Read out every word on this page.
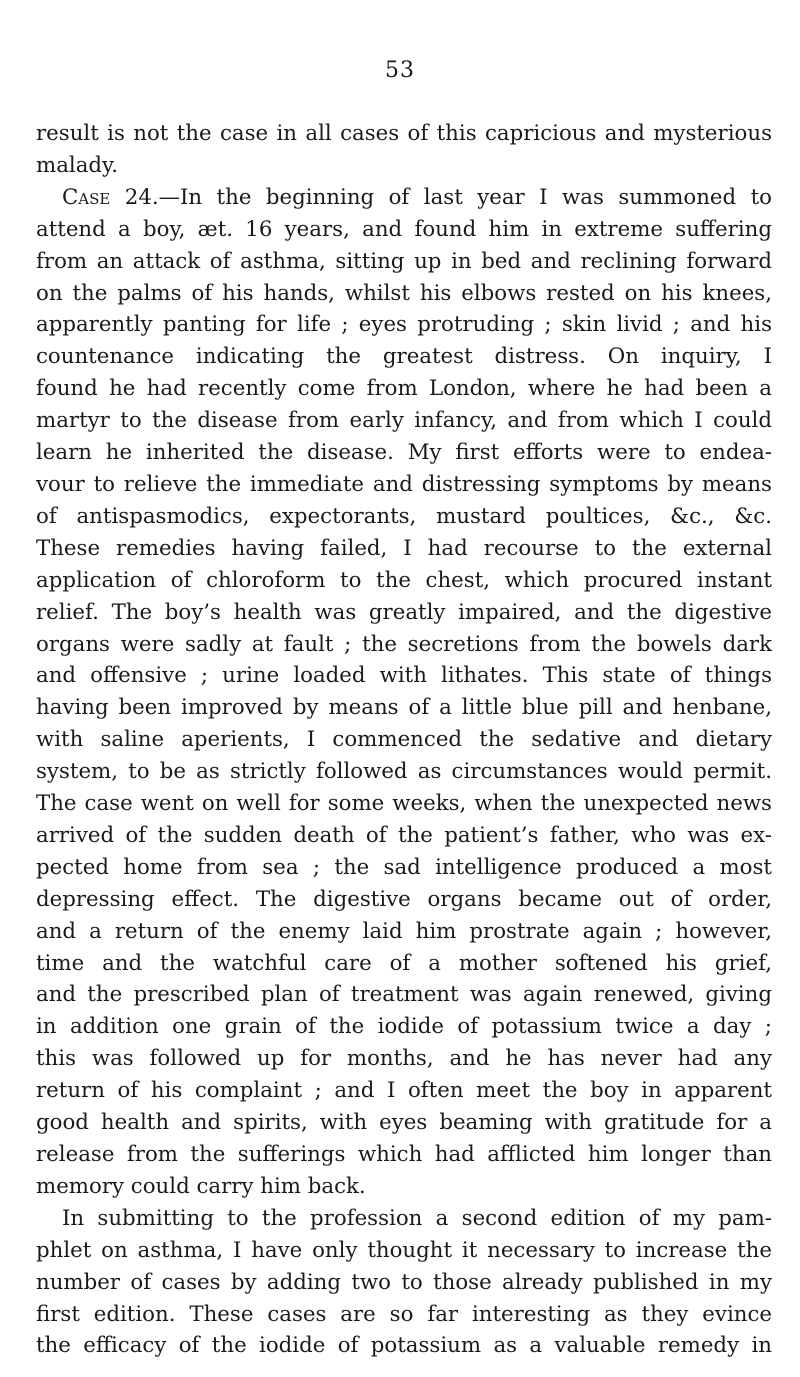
53
result is not the case in all cases of this capricious and mysterious
malady.
Case 24.—In the beginning of last year I was summoned to
attend a boy, æt. 16 years, and found him in extreme suffering
from an attack of asthma, sitting up in bed and reclining forward
on the palms of his hands, whilst his elbows rested on his knees,
apparently panting for life ; eyes protruding ; skin livid ; and his
countenance indicating the greatest distress. On inquiry, I
found he had recently come from London, where he had been a
martyr to the disease from early infancy, and from which I could
learn he inherited the disease. My first efforts were to endea-
vour to relieve the immediate and distressing symptoms by means
of antispasmodics, expectorants, mustard poultices, &c., &c.
These remedies having failed, I had recourse to the external
application of chloroform to the chest, which procured instant
relief. The boy’s health was greatly impaired, and the digestive
organs were sadly at fault ; the secretions from the bowels dark
and offensive ; urine loaded with lithates. This state of things
having been improved by means of a little blue pill and henbane,
with saline aperients, I commenced the sedative and dietary
system, to be as strictly followed as circumstances would permit.
The case went on well for some weeks, when the unexpected news
arrived of the sudden death of the patient’s father, who was ex-
pected home from sea ; the sad intelligence produced a most
depressing effect. The digestive organs became out of order,
and a return of the enemy laid him prostrate again ; however,
time and the watchful care of a mother softened his grief,
and the prescribed plan of treatment was again renewed, giving
in addition one grain of the iodide of potassium twice a day ;
this was followed up for months, and he has never had any
return of his complaint ; and I often meet the boy in apparent
good health and spirits, with eyes beaming with gratitude for a
release from the sufferings which had afflicted him longer than
memory could carry him back.
In submitting to the profession a second edition of my pam-
phlet on asthma, I have only thought it necessary to increase the
number of cases by adding two to those already published in my
first edition. These cases are so far interesting as they evince
the efficacy of the iodide of potassium as a valuable remedy in
